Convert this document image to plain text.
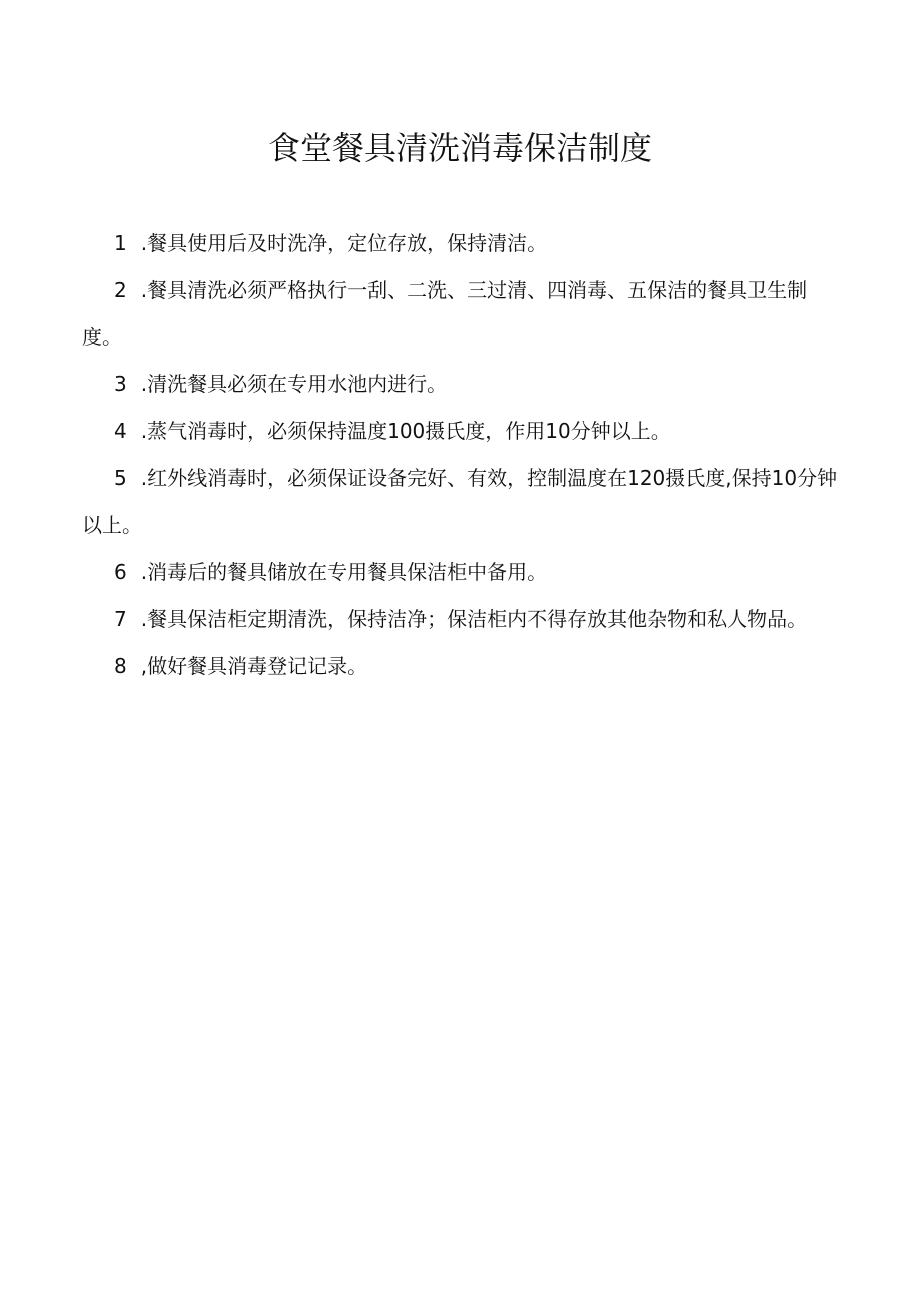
食堂餐具清洗消毒保洁制度
1 .餐具使用后及时洗净，定位存放，保持清洁。
2 .餐具清洗必须严格执行一刮、二洗、三过清、四消毒、五保洁的餐具卫生制度。
3 .清洗餐具必须在专用水池内进行。
4 .蒸气消毒时，必须保持温度100摄氏度，作用10分钟以上。
5 .红外线消毒时，必须保证设备完好、有效，控制温度在120摄氏度,保持10分钟以上。
6 .消毒后的餐具储放在专用餐具保洁柜中备用。
7 .餐具保洁柜定期清洗，保持洁净；保洁柜内不得存放其他杂物和私人物品。
8 ,做好餐具消毒登记记录。
